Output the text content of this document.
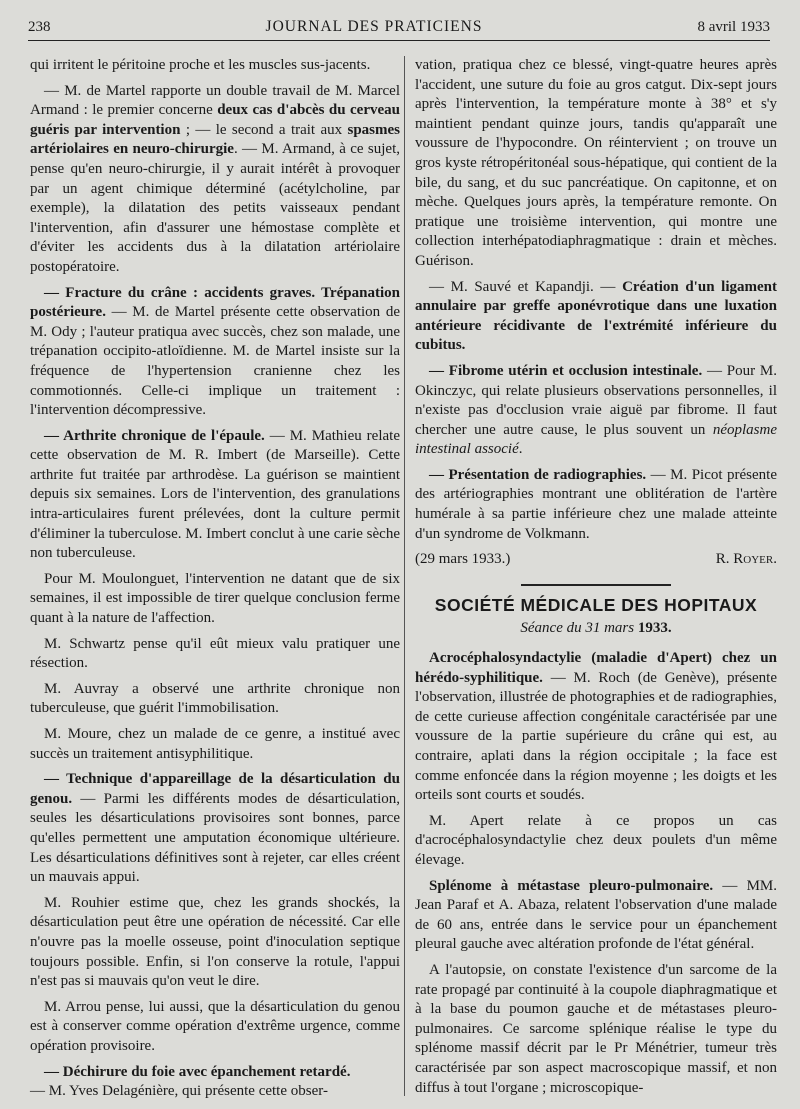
238	JOURNAL DES PRATICIENS	8 avril 1933

qui irritent le péritoine proche et les muscles sus-jacents.

— M. de Martel rapporte un double travail de M. Marcel Armand : le premier concerne deux cas d'abcès du cerveau guéris par intervention ; — le second a trait aux spasmes artériolaires en neuro-chirurgie. — M. Armand, à ce sujet, pense qu'en neuro-chirurgie, il y aurait intérêt à provoquer par un agent chimique déterminé (acétylcholine, par exemple), la dilatation des petits vaisseaux pendant l'intervention, afin d'assurer une hémostase complète et d'éviter les accidents dus à la dilatation artériolaire postopératoire.

— Fracture du crâne : accidents graves. Trépanation postérieure. — M. de Martel présente cette observation de M. Ody ; l'auteur pratiqua avec succès, chez son malade, une trépanation occipito-atloïdienne. M. de Martel insiste sur la fréquence de l'hypertension cranienne chez les commotionnés. Celle-ci implique un traitement : l'intervention décompressive.

— Arthrite chronique de l'épaule. — M. Mathieu relate cette observation de M. R. Imbert (de Marseille). Cette arthrite fut traitée par arthrodèse. La guérison se maintient depuis six semaines. Lors de l'intervention, des granulations intra-articulaires furent prélevées, dont la culture permit d'éliminer la tuberculose. M. Imbert conclut à une carie sèche non tuberculeuse.

Pour M. Moulonguet, l'intervention ne datant que de six semaines, il est impossible de tirer quelque conclusion ferme quant à la nature de l'affection.

M. Schwartz pense qu'il eût mieux valu pratiquer une résection.

M. Auvray a observé une arthrite chronique non tuberculeuse, que guérit l'immobilisation.

M. Moure, chez un malade de ce genre, a institué avec succès un traitement antisyphilitique.

— Technique d'appareillage de la désarticulation du genou. — Parmi les différents modes de désarticulation, seules les désarticulations provisoires sont bonnes, parce qu'elles permettent une amputation économique ultérieure. Les désarticulations définitives sont à rejeter, car elles créent un mauvais appui.

M. Rouhier estime que, chez les grands shockés, la désarticulation peut être une opération de nécessité. Car elle n'ouvre pas la moelle osseuse, point d'inoculation septique toujours possible. Enfin, si l'on conserve la rotule, l'appui n'est pas si mauvais qu'on veut le dire.

M. Arrou pense, lui aussi, que la désarticulation du genou est à conserver comme opération d'extrême urgence, comme opération provisoire.

— Déchirure du foie avec épanchement retardé.
— M. Yves Delagénière, qui présente cette obser-

vation, pratiqua chez ce blessé, vingt-quatre heures après l'accident, une suture du foie au gros catgut. Dix-sept jours après l'intervention, la température monte à 38° et s'y maintient pendant quinze jours, tandis qu'apparaît une voussure de l'hypocondre. On réintervient ; on trouve un gros kyste rétropéritonéal sous-hépatique, qui contient de la bile, du sang, et du suc pancréatique. On capitonne, et on mèche. Quelques jours après, la température remonte. On pratique une troisième intervention, qui montre une collection interhépatodiaphragmatique : drain et mèches. Guérison.

— M. Sauvé et Kapandji. — Création d'un ligament annulaire par greffe aponévrotique dans une luxation antérieure récidivante de l'extrémité inférieure du cubitus.

— Fibrome utérin et occlusion intestinale. — Pour M. Okinczyc, qui relate plusieurs observations personnelles, il n'existe pas d'occlusion vraie aiguë par fibrome. Il faut chercher une autre cause, le plus souvent un néoplasme intestinal associé.

— Présentation de radiographies. — M. Picot présente des artériographies montrant une oblitération de l'artère humérale à sa partie inférieure chez une malade atteinte d'un syndrome de Volkmann.

(29 mars 1933.)	R. Royer.
SOCIÉTÉ MÉDICALE DES HOPITAUX
Séance du 31 mars 1933.

Acrocéphalosyndactylie (maladie d'Apert) chez un hérédo-syphilitique. — M. Roch (de Genève), présente l'observation, illustrée de photographies et de radiographies, de cette curieuse affection congénitale caractérisée par une voussure de la partie supérieure du crâne qui est, au contraire, aplati dans la région occipitale ; la face est comme enfoncée dans la région moyenne ; les doigts et les orteils sont courts et soudés.

M. Apert relate à ce propos un cas d'acrocéphalosyndactylie chez deux poulets d'un même élevage.

Splénome à métastase pleuro-pulmonaire. — MM. Jean Paraf et A. Abaza, relatent l'observation d'une malade de 60 ans, entrée dans le service pour un épanchement pleural gauche avec altération profonde de l'état général.

A l'autopsie, on constate l'existence d'un sarcome de la rate propagé par continuité à la coupole diaphragmatique et à la base du poumon gauche et de métastases pleuro-pulmonaires. Ce sarcome splénique réalise le type du splénome massif décrit par le Pr Ménétrier, tumeur très caractérisée par son aspect macroscopique massif, et non diffus à tout l'organe ; microscopique-
